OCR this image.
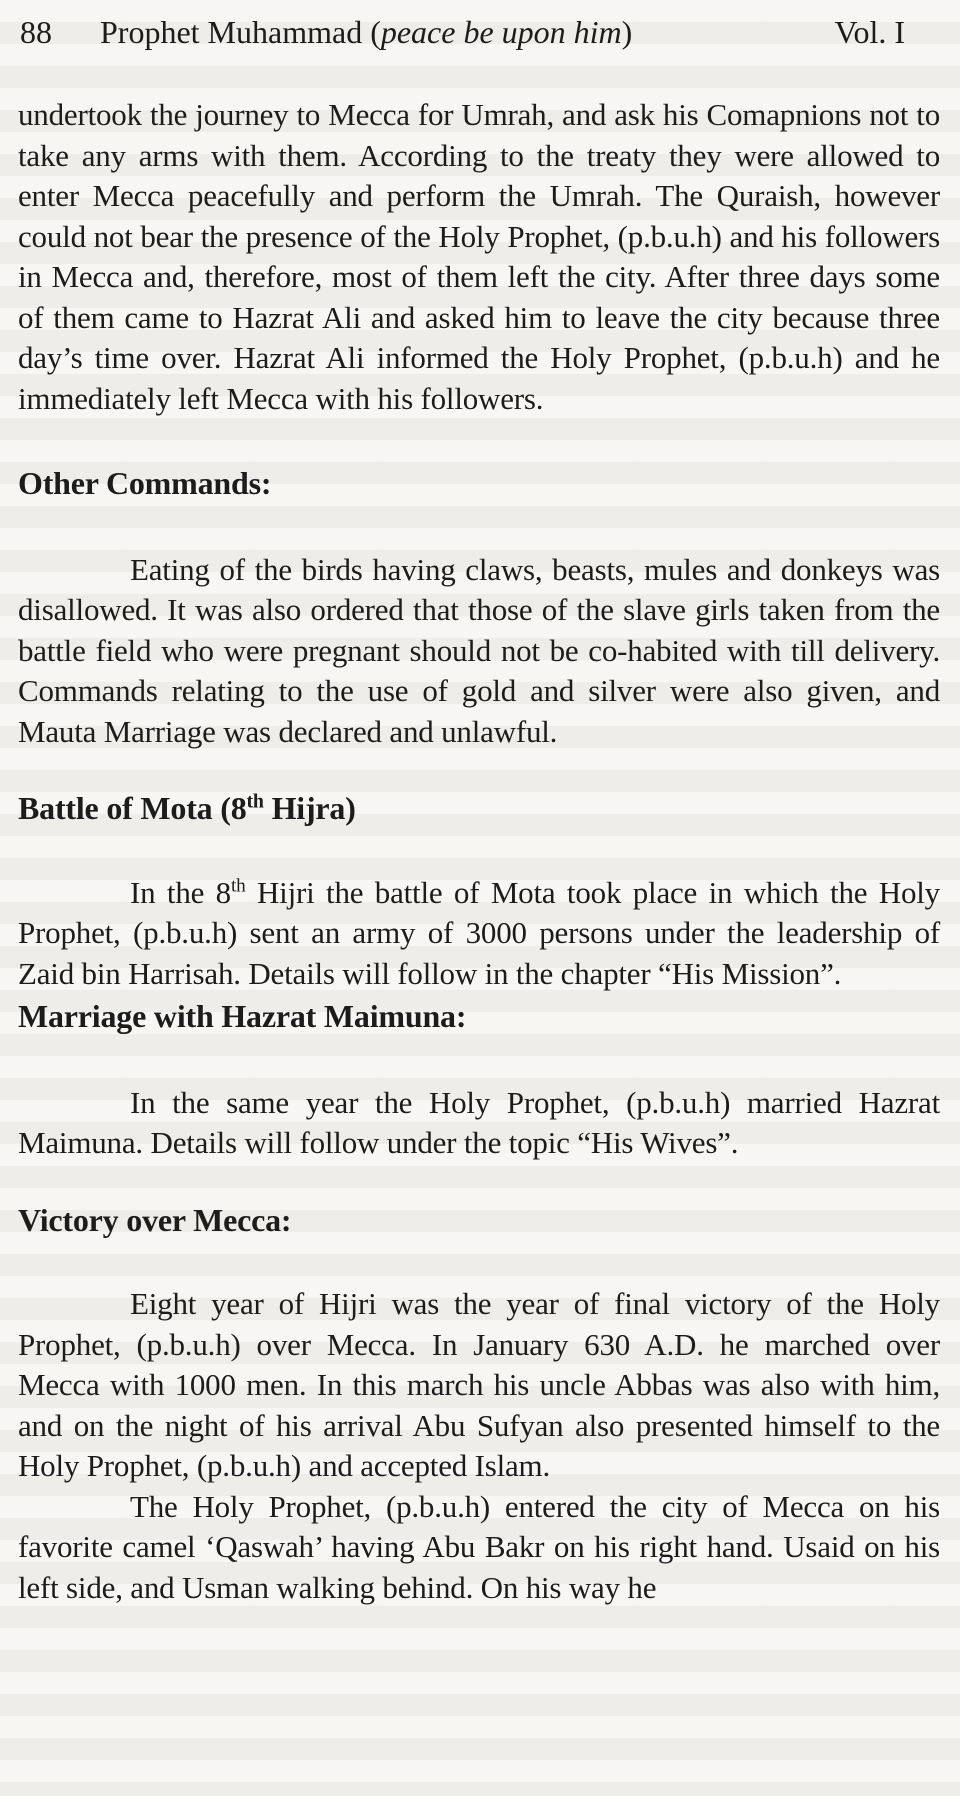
88 Prophet Muhammad (peace be upon him)	Vol. I

undertook the journey to Mecca for Umrah, and ask his Comapnions not to take any arms with them. According to the treaty they were allowed to enter Mecca peacefully and perform the Umrah. The Quraish, however could not bear the presence of the Holy Prophet, (p.b.u.h) and his followers in Mecca and, therefore, most of them left the city. After three days some of them came to Hazrat Ali and asked him to leave the city because three day’s time over. Hazrat Ali informed the Holy Prophet, (p.b.u.h) and he immediately left Mecca with his followers.

Other Commands:

Eating of the birds having claws, beasts, mules and donkeys was disallowed. It was also ordered that those of the slave girls taken from the battle field who were pregnant should not be co-habited with till delivery. Commands relating to the use of gold and silver were also given, and Mauta Marriage was declared and unlawful.

Battle of Mota (8th Hijra)

In the 8th Hijri the battle of Mota took place in which the Holy Prophet, (p.b.u.h) sent an army of 3000 persons under the leadership of Zaid bin Harrisah. Details will follow in the chapter “His Mission”.

Marriage with Hazrat Maimuna:

In the same year the Holy Prophet, (p.b.u.h) married Hazrat Maimuna. Details will follow under the topic “His Wives”.

Victory over Mecca:

Eight year of Hijri was the year of final victory of the Holy Prophet, (p.b.u.h) over Mecca. In January 630 A.D. he marched over Mecca with 1000 men. In this march his uncle Abbas was also with him, and on the night of his arrival Abu Sufyan also presented himself to the Holy Prophet, (p.b.u.h) and accepted Islam.

The Holy Prophet, (p.b.u.h) entered the city of Mecca on his favorite camel ‘Qaswah’ having Abu Bakr on his right hand. Usaid on his left side, and Usman walking behind. On his way he
